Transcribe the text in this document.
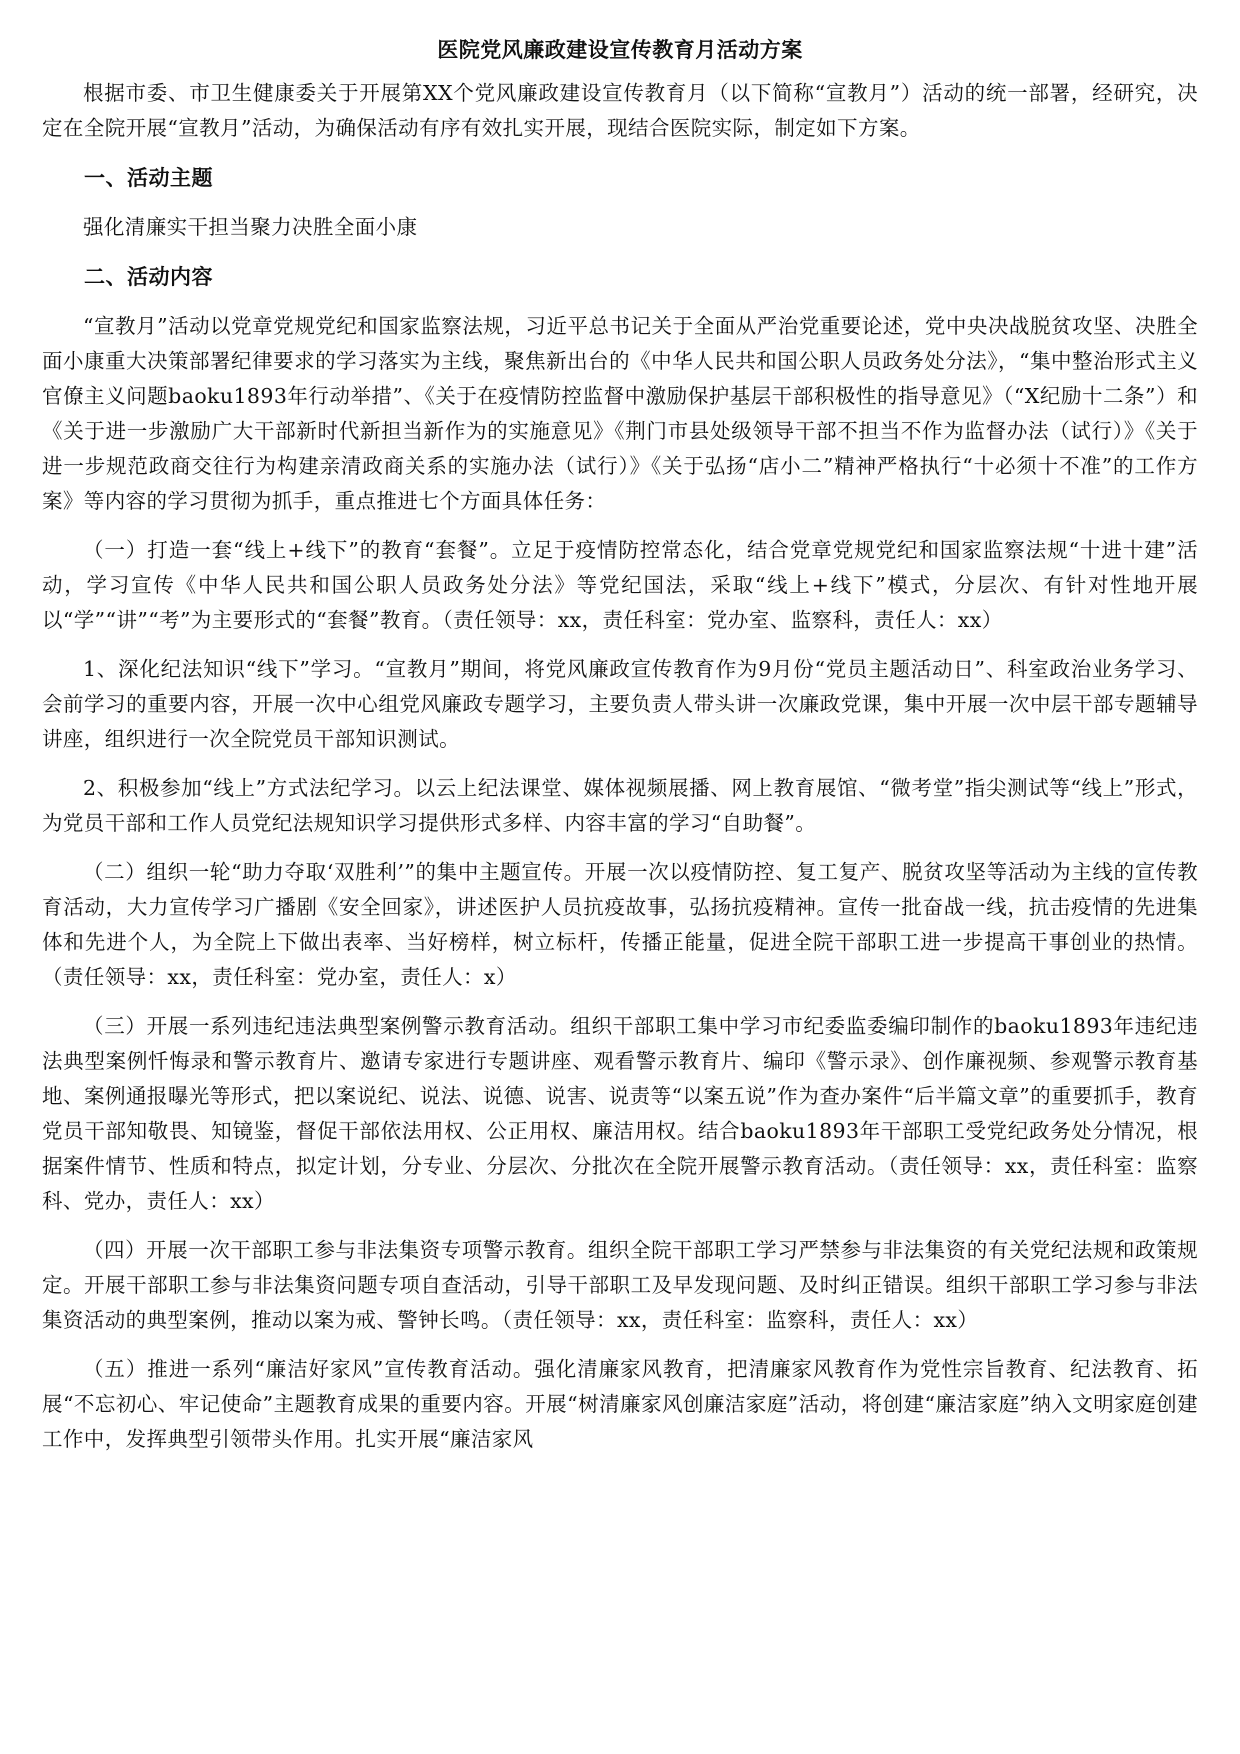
医院党风廉政建设宣传教育月活动方案

根据市委、市卫生健康委关于开展第XX个党风廉政建设宣传教育月（以下简称“宣教月”）活动的统一部署，经研究，决定在全院开展“宣教月”活动，为确保活动有序有效扎实开展，现结合医院实际，制定如下方案。

一、活动主题

强化清廉实干担当聚力决胜全面小康

二、活动内容

“宣教月”活动以党章党规党纪和国家监察法规，习近平总书记关于全面从严治党重要论述，党中央决战脱贫攻坚、决胜全面小康重大决策部署纪律要求的学习落实为主线，聚焦新出台的《中华人民共和国公职人员政务处分法》，“集中整治形式主义官僚主义问题baoku1893年行动举措”、《关于在疫情防控监督中激励保护基层干部积极性的指导意见》（“X纪励十二条”）和《关于进一步激励广大干部新时代新担当新作为的实施意见》《荆门市县处级领导干部不担当不作为监督办法（试行）》《关于进一步规范政商交往行为构建亲清政商关系的实施办法（试行）》《关于弘扬“店小二”精神严格执行“十必须十不准”的工作方案》等内容的学习贯彻为抓手，重点推进七个方面具体任务：

（一）打造一套“线上+线下”的教育“套餐”。立足于疫情防控常态化，结合党章党规党纪和国家监察法规“十进十建”活动，学习宣传《中华人民共和国公职人员政务处分法》等党纪国法，采取“线上+线下”模式，分层次、有针对性地开展以“学”“讲”“考”为主要形式的“套餐”教育。（责任领导：xx，责任科室：党办室、监察科，责任人：xx）

1、深化纪法知识“线下”学习。“宣教月”期间，将党风廉政宣传教育作为9月份“党员主题活动日”、科室政治业务学习、会前学习的重要内容，开展一次中心组党风廉政专题学习，主要负责人带头讲一次廉政党课，集中开展一次中层干部专题辅导讲座，组织进行一次全院党员干部知识测试。

2、积极参加“线上”方式法纪学习。以云上纪法课堂、媒体视频展播、网上教育展馆、“微考堂”指尖测试等“线上”形式，为党员干部和工作人员党纪法规知识学习提供形式多样、内容丰富的学习“自助餐”。

（二）组织一轮“助力夺取‘双胜利’”的集中主题宣传。开展一次以疫情防控、复工复产、脱贫攻坚等活动为主线的宣传教育活动，大力宣传学习广播剧《安全回家》，讲述医护人员抗疫故事，弘扬抗疫精神。宣传一批奋战一线，抗击疫情的先进集体和先进个人，为全院上下做出表率、当好榜样，树立标杆，传播正能量，促进全院干部职工进一步提高干事创业的热情。（责任领导：xx，责任科室：党办室，责任人：x）

（三）开展一系列违纪违法典型案例警示教育活动。组织干部职工集中学习市纪委监委编印制作的baoku1893年违纪违法典型案例忏悔录和警示教育片、邀请专家进行专题讲座、观看警示教育片、编印《警示录》、创作廉视频、参观警示教育基地、案例通报曝光等形式，把以案说纪、说法、说德、说害、说责等“以案五说”作为查办案件“后半篇文章”的重要抓手，教育党员干部知敬畏、知镜鉴，督促干部依法用权、公正用权、廉洁用权。结合baoku1893年干部职工受党纪政务处分情况，根据案件情节、性质和特点，拟定计划，分专业、分层次、分批次在全院开展警示教育活动。（责任领导：xx，责任科室：监察科、党办，责任人：xx）

（四）开展一次干部职工参与非法集资专项警示教育。组织全院干部职工学习严禁参与非法集资的有关党纪法规和政策规定。开展干部职工参与非法集资问题专项自查活动，引导干部职工及早发现问题、及时纠正错误。组织干部职工学习参与非法集资活动的典型案例，推动以案为戒、警钟长鸣。（责任领导：xx，责任科室：监察科，责任人：xx）

（五）推进一系列“廉洁好家风”宣传教育活动。强化清廉家风教育，把清廉家风教育作为党性宗旨教育、纪法教育、拓展“不忘初心、牢记使命”主题教育成果的重要内容。开展“树清廉家风创廉洁家庭”活动，将创建“廉洁家庭”纳入文明家庭创建工作中，发挥典型引领带头作用。扎实开展“廉洁家风
